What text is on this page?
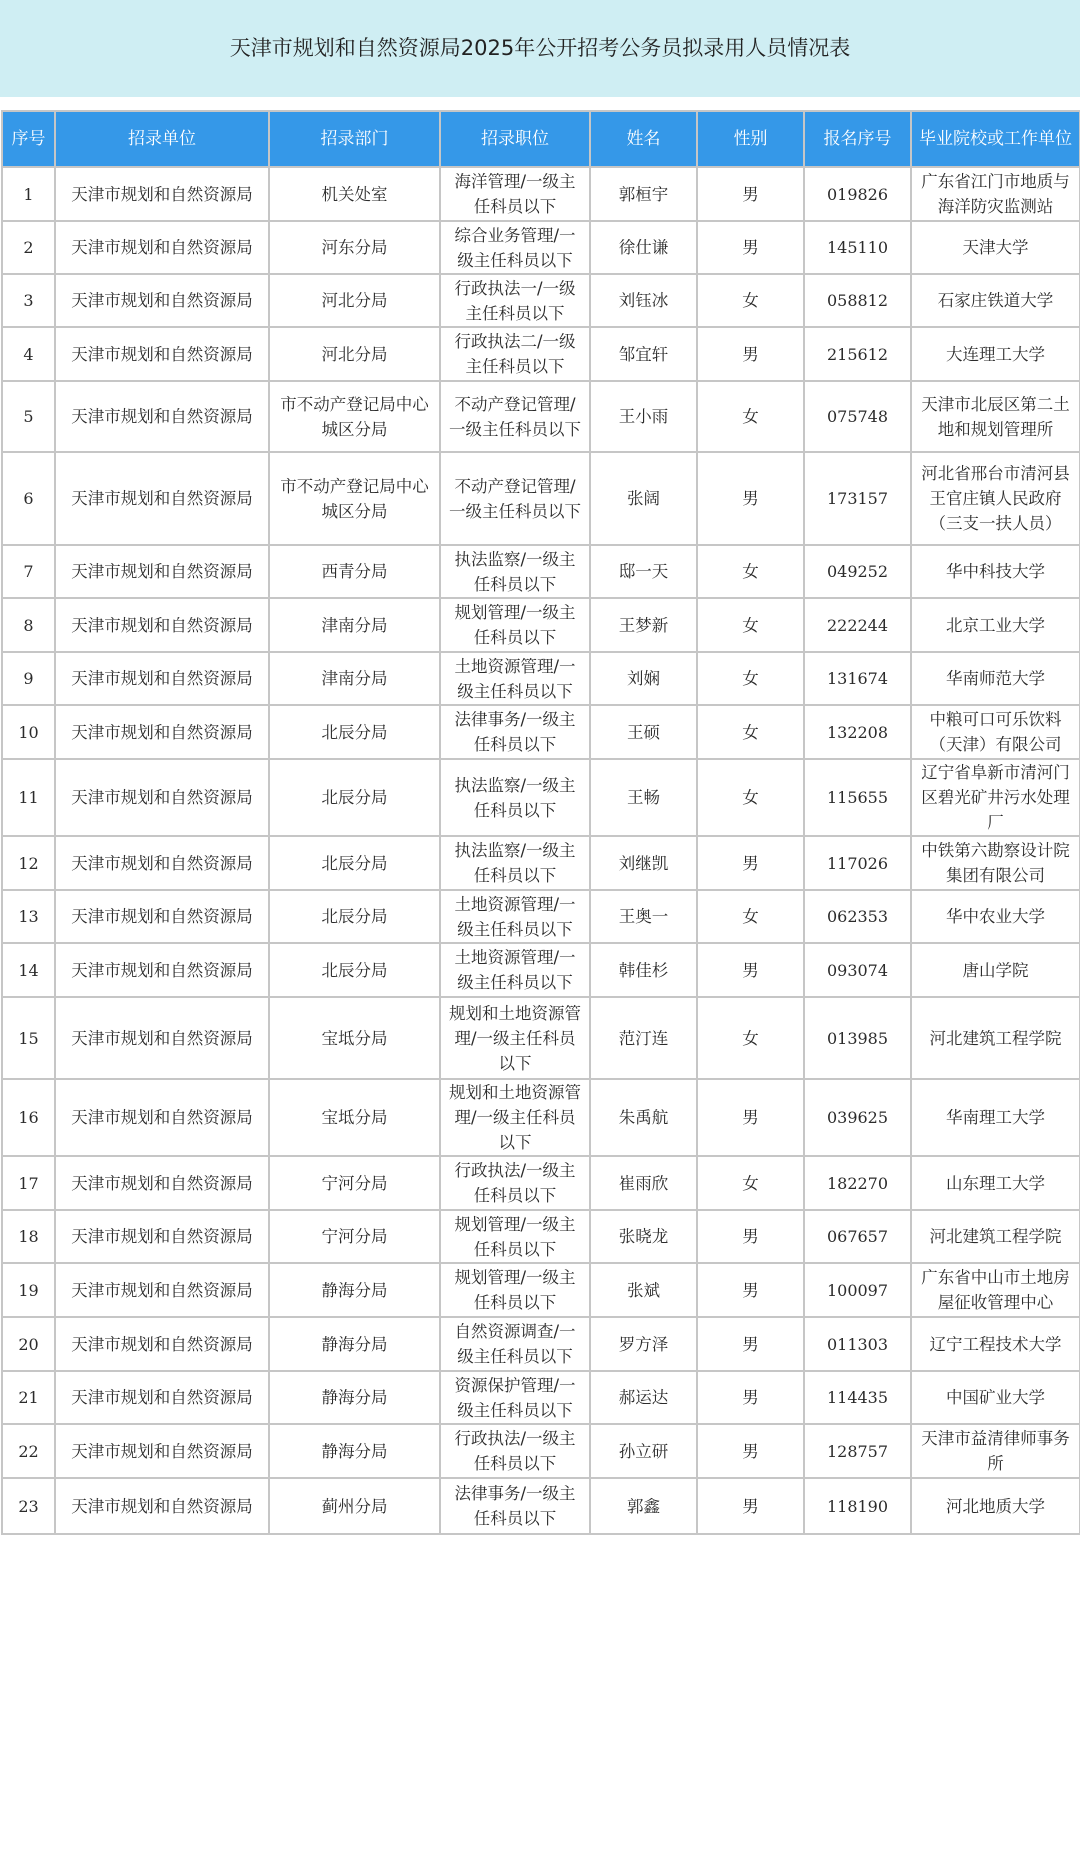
天津市规划和自然资源局2025年公开招考公务员拟录用人员情况表
序号	招录单位	招录部门	招录职位	姓名	性别	报名序号	毕业院校或工作单位
1	天津市规划和自然资源局	机关处室	海洋管理/一级主任科员以下	郭桓宇	男	019826	广东省江门市地质与海洋防灾监测站
2	天津市规划和自然资源局	河东分局	综合业务管理/一级主任科员以下	徐仕谦	男	145110	天津大学
3	天津市规划和自然资源局	河北分局	行政执法一/一级主任科员以下	刘钰冰	女	058812	石家庄铁道大学
4	天津市规划和自然资源局	河北分局	行政执法二/一级主任科员以下	邹宜轩	男	215612	大连理工大学
5	天津市规划和自然资源局	市不动产登记局中心城区分局	不动产登记管理/一级主任科员以下	王小雨	女	075748	天津市北辰区第二土地和规划管理所
6	天津市规划和自然资源局	市不动产登记局中心城区分局	不动产登记管理/一级主任科员以下	张阔	男	173157	河北省邢台市清河县王官庄镇人民政府（三支一扶人员）
7	天津市规划和自然资源局	西青分局	执法监察/一级主任科员以下	邸一天	女	049252	华中科技大学
8	天津市规划和自然资源局	津南分局	规划管理/一级主任科员以下	王梦新	女	222244	北京工业大学
9	天津市规划和自然资源局	津南分局	土地资源管理/一级主任科员以下	刘娴	女	131674	华南师范大学
10	天津市规划和自然资源局	北辰分局	法律事务/一级主任科员以下	王硕	女	132208	中粮可口可乐饮料（天津）有限公司
11	天津市规划和自然资源局	北辰分局	执法监察/一级主任科员以下	王畅	女	115655	辽宁省阜新市清河门区碧光矿井污水处理厂
12	天津市规划和自然资源局	北辰分局	执法监察/一级主任科员以下	刘继凯	男	117026	中铁第六勘察设计院集团有限公司
13	天津市规划和自然资源局	北辰分局	土地资源管理/一级主任科员以下	王奥一	女	062353	华中农业大学
14	天津市规划和自然资源局	北辰分局	土地资源管理/一级主任科员以下	韩佳杉	男	093074	唐山学院
15	天津市规划和自然资源局	宝坻分局	规划和土地资源管理/一级主任科员以下	范汀连	女	013985	河北建筑工程学院
16	天津市规划和自然资源局	宝坻分局	规划和土地资源管理/一级主任科员以下	朱禹航	男	039625	华南理工大学
17	天津市规划和自然资源局	宁河分局	行政执法/一级主任科员以下	崔雨欣	女	182270	山东理工大学
18	天津市规划和自然资源局	宁河分局	规划管理/一级主任科员以下	张晓龙	男	067657	河北建筑工程学院
19	天津市规划和自然资源局	静海分局	规划管理/一级主任科员以下	张斌	男	100097	广东省中山市土地房屋征收管理中心
20	天津市规划和自然资源局	静海分局	自然资源调查/一级主任科员以下	罗方泽	男	011303	辽宁工程技术大学
21	天津市规划和自然资源局	静海分局	资源保护管理/一级主任科员以下	郝运达	男	114435	中国矿业大学
22	天津市规划和自然资源局	静海分局	行政执法/一级主任科员以下	孙立研	男	128757	天津市益清律师事务所
23	天津市规划和自然资源局	蓟州分局	法律事务/一级主任科员以下	郭鑫	男	118190	河北地质大学
